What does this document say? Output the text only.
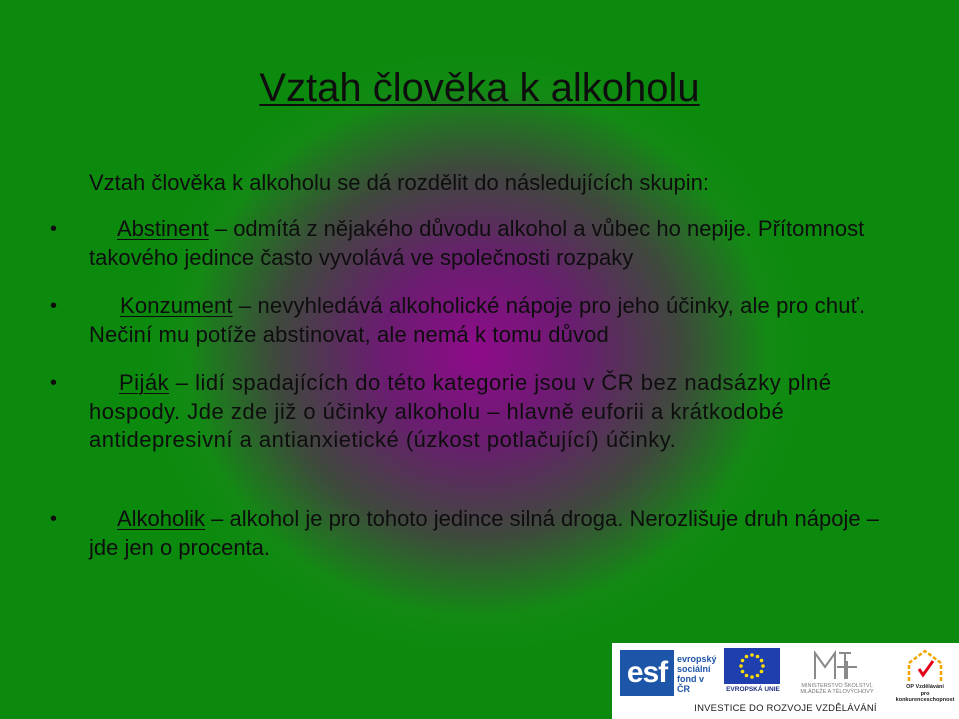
Vztah člověka k alkoholu
Vztah člověka k alkoholu se dá rozdělit do následujících skupin:
•	Abstinent – odmítá z nějakého důvodu alkohol a vůbec ho nepije. Přítomnost takového jedince často vyvolává ve společnosti rozpaky
•	Konzument – nevyhledává alkoholické nápoje pro jeho účinky, ale pro chuť. Nečiní mu potíže abstinovat, ale nemá k tomu důvod
•	Piják – lidí spadajících do této kategorie jsou v ČR bez nadsázky plné hospody. Jde zde již o účinky alkoholu – hlavně euforii a krátkodobé antidepresivní a antianxietické (úzkost potlačující) účinky.
•	Alkoholik – alkohol je pro tohoto jedince silná droga. Nerozlišuje druh nápoje – jde jen o procenta.
esf	evropský
sociální
fond v ČR	EVROPSKÁ UNIE	MINISTERSTVO ŠKOLSTVÍ,
MLÁDEŽE A TĚLOVÝCHOVY
OP Vzdělávání
pro konkurenceschopnost
INVESTICE DO ROZVOJE VZDĚLÁVÁNÍ
